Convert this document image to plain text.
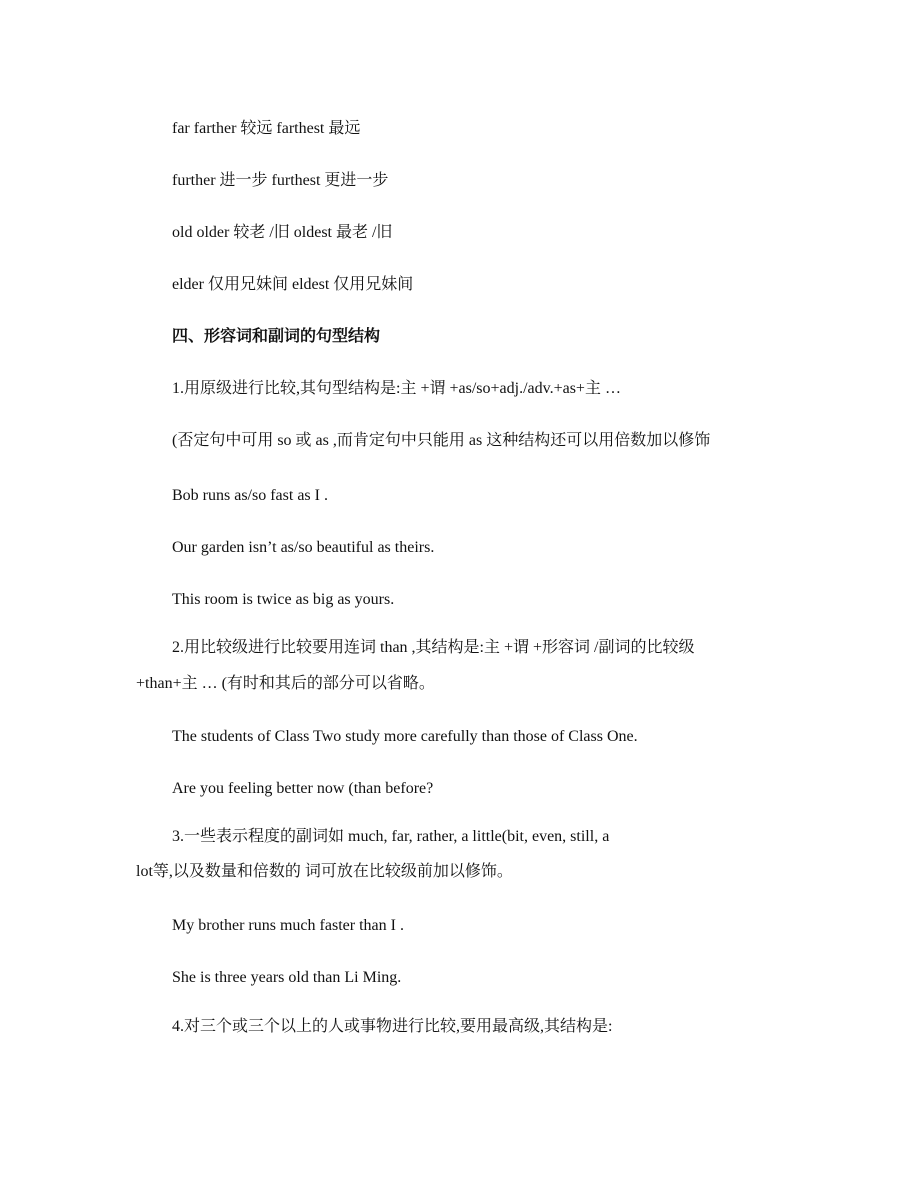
far farther 较远 farthest 最远
further 进一步 furthest 更进一步
old older 较老 /旧 oldest 最老 /旧
elder 仅用兄妹间 eldest 仅用兄妹间
四、形容词和副词的句型结构
1.用原级进行比较,其句型结构是:主 +谓 +as/so+adj./adv.+as+主 …
(否定句中可用 so 或 as ,而肯定句中只能用 as 这种结构还可以用倍数加以修饰
Bob runs as/so fast as I .
Our garden isn’t as/so beautiful as theirs.
This room is twice as big as yours.
2.用比较级进行比较要用连词 than ,其结构是:主 +谓 +形容词 /副词的比较级
+than+主 … (有时和其后的部分可以省略。
The students of Class Two study more carefully than those of Class One.
Are you feeling better now (than before?
3.一些表示程度的副词如 much, far, rather, a little(bit, even, still, a
lot等,以及数量和倍数的 词可放在比较级前加以修饰。
My brother runs much faster than I .
She is three years old than Li Ming.
4.对三个或三个以上的人或事物进行比较,要用最高级,其结构是:
